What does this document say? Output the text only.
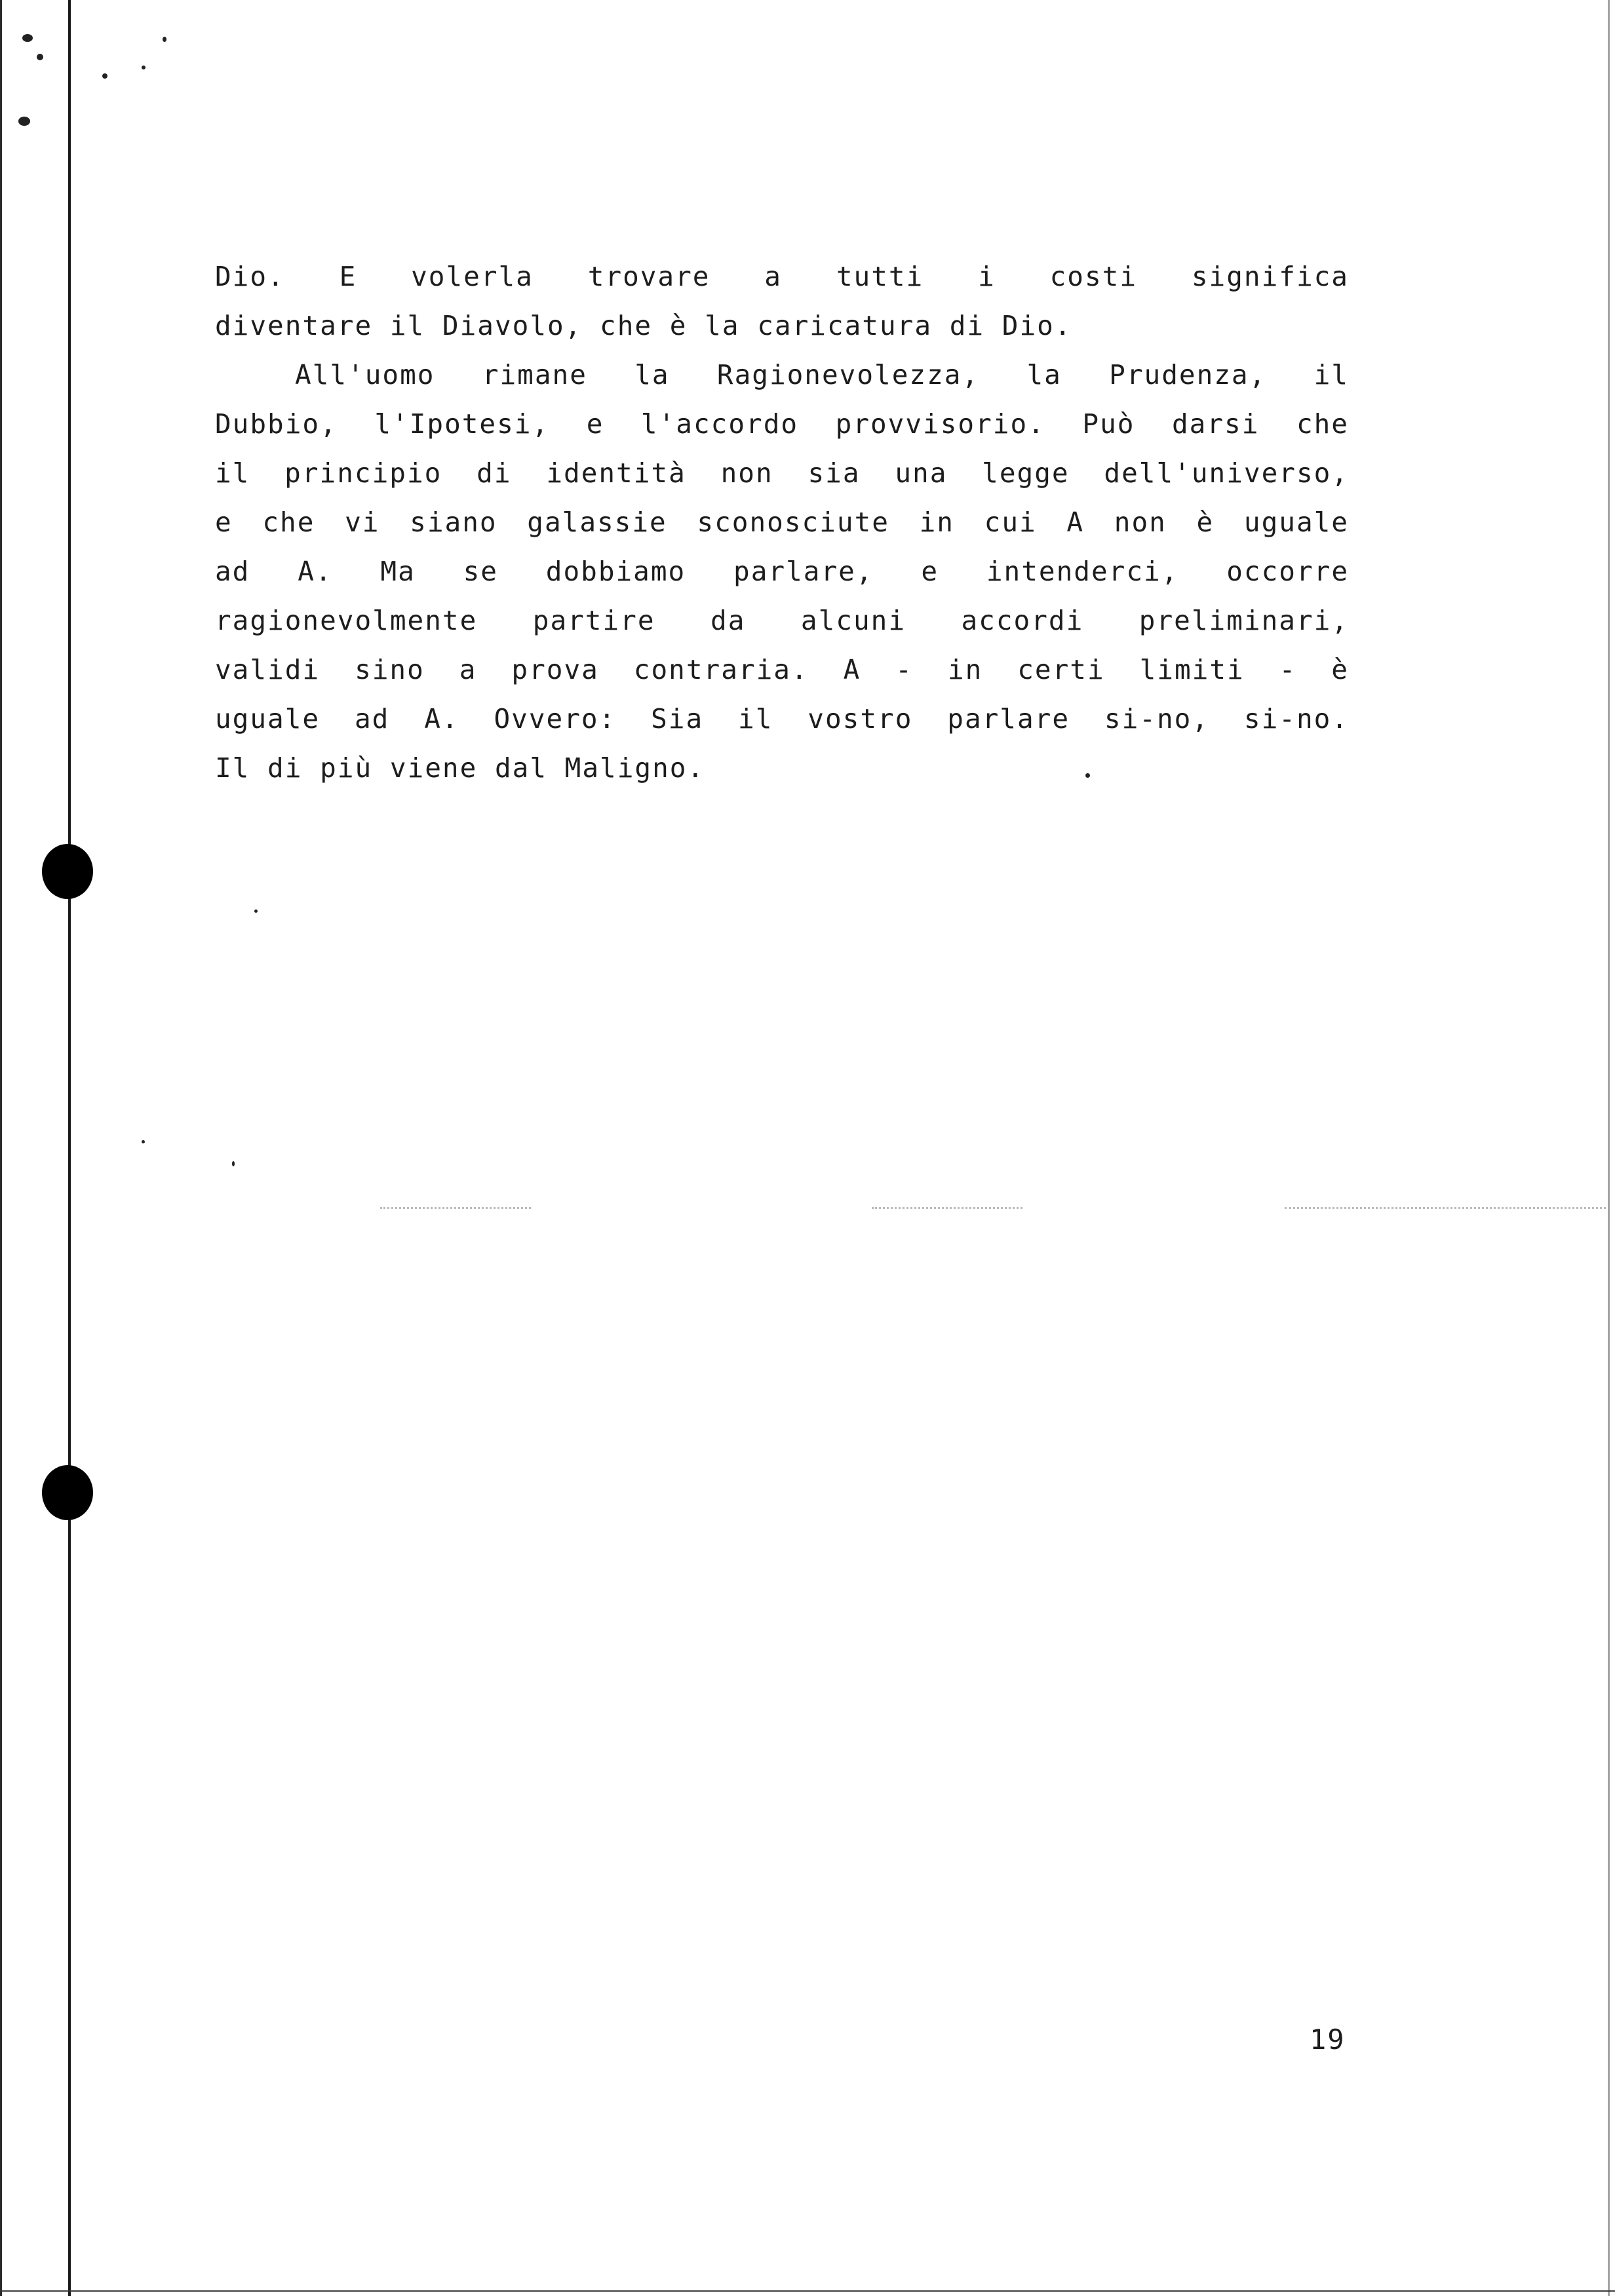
Dio. E volerla trovare a tutti i costi significa
diventare il Diavolo, che è la caricatura di Dio.

All'uomo rimane la Ragionevolezza, la Prudenza, il
Dubbio, l'Ipotesi, e l'accordo provvisorio. Può darsi che
il principio di identità non sia una legge dell'universo,
e che vi siano galassie sconosciute in cui A non è uguale
ad A. Ma se dobbiamo parlare, e intenderci, occorre
ragionevolmente partire da alcuni accordi preliminari,
validi sino a prova contraria. A - in certi limiti - è
uguale ad A. Ovvero: Sia il vostro parlare si-no, si-no.
Il di più viene dal Maligno.

19
